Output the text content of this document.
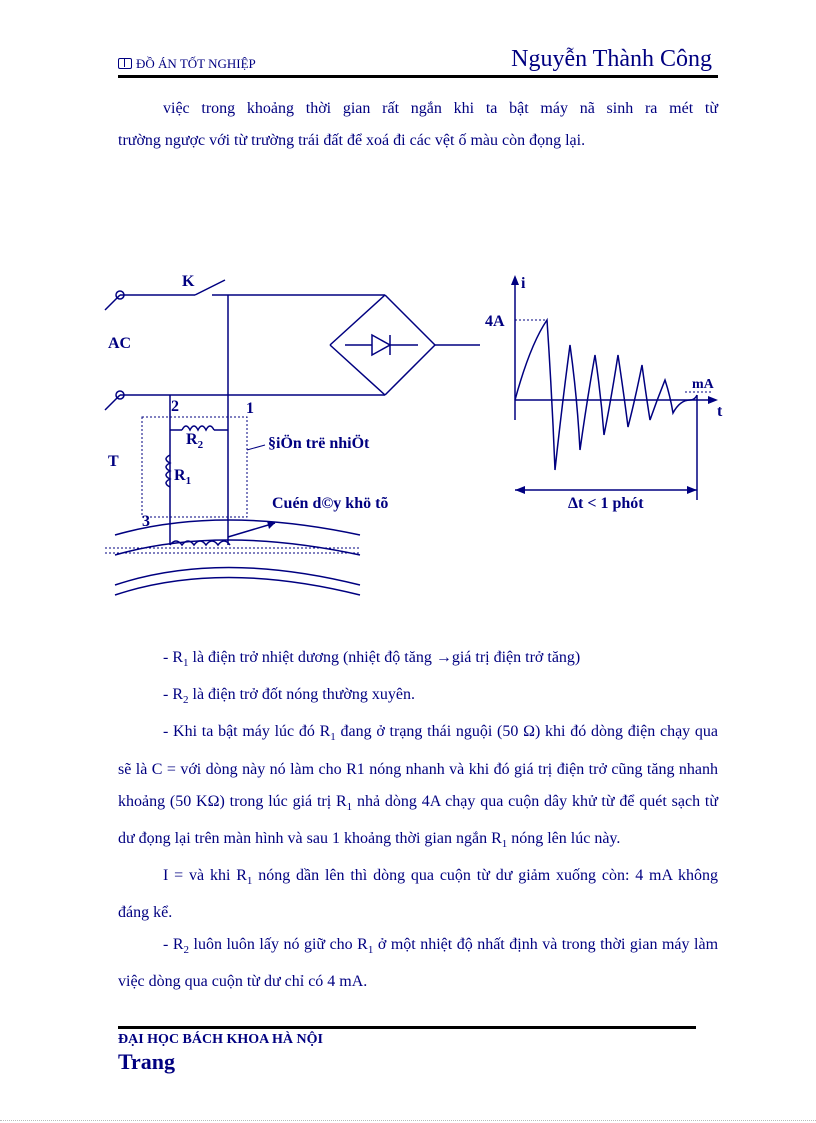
ĐỒ ÁN TỐT NGHIỆP	Nguyễn Thành Công

việc trong khoảng thời gian rất ngắn khi ta bật máy nã sinh ra mét từ

trường ngược với từ trường trái đất để xoá đi các vệt ố màu còn đọng lại.

K
AC
T
2	1
3
$R_2$
$R_1$
§iÖn trë nhiÖt
Cuén d©y khö tõ
i
t
4A
mA
Δt < 1 phót

- $R_1$ là điện trở nhiệt dương (nhiệt độ tăng →giá trị điện trở tăng)

- $R_2$ là điện trở đốt nóng thường xuyên.

- Khi ta bật máy lúc đó $R_1$ đang ở trạng thái nguội (50 Ω) khi đó dòng điện chạy qua sẽ là C = với dòng này nó làm cho R1 nóng nhanh và khi đó giá trị điện trở cũng tăng nhanh khoảng (50 KΩ) trong lúc giá trị $R_1$ nhả dòng 4A chạy qua cuộn dây khử từ để quét sạch từ dư đọng lại trên màn hình và sau 1 khoảng thời gian ngắn $R_1$ nóng lên lúc này.

I = và khi $R_1$ nóng dần lên thì dòng qua cuộn từ dư giảm xuống còn: 4 mA không đáng kể.

- $R_2$ luôn luôn lấy nó giữ cho $R_1$ ở một nhiệt độ nhất định và trong thời gian máy làm việc dòng qua cuộn từ dư chỉ có 4 mA.

ĐẠI HỌC BÁCH KHOA HÀ NỘI
Trang
